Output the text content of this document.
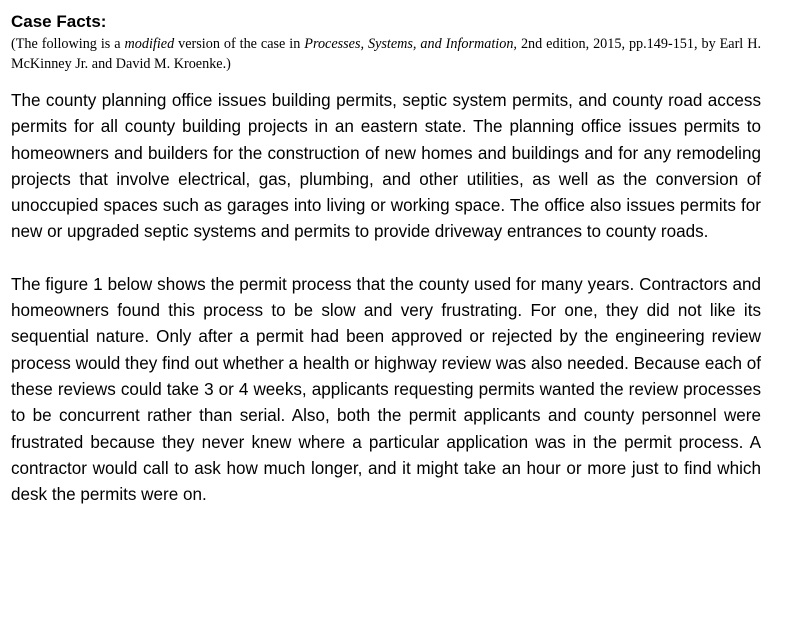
Case Facts:

(The following is a modified version of the case in Processes, Systems, and Information, 2nd edition, 2015, pp.149-151, by Earl H. McKinney Jr. and David M. Kroenke.)

The county planning office issues building permits, septic system permits, and county road access permits for all county building projects in an eastern state. The planning office issues permits to homeowners and builders for the construction of new homes and buildings and for any remodeling projects that involve electrical, gas, plumbing, and other utilities, as well as the conversion of unoccupied spaces such as garages into living or working space. The office also issues permits for new or upgraded septic systems and permits to provide driveway entrances to county roads.

The figure 1 below shows the permit process that the county used for many years. Contractors and homeowners found this process to be slow and very frustrating. For one, they did not like its sequential nature. Only after a permit had been approved or rejected by the engineering review process would they find out whether a health or highway review was also needed. Because each of these reviews could take 3 or 4 weeks, applicants requesting permits wanted the review processes to be concurrent rather than serial. Also, both the permit applicants and county personnel were frustrated because they never knew where a particular application was in the permit process. A contractor would call to ask how much longer, and it might take an hour or more just to find which desk the permits were on.
